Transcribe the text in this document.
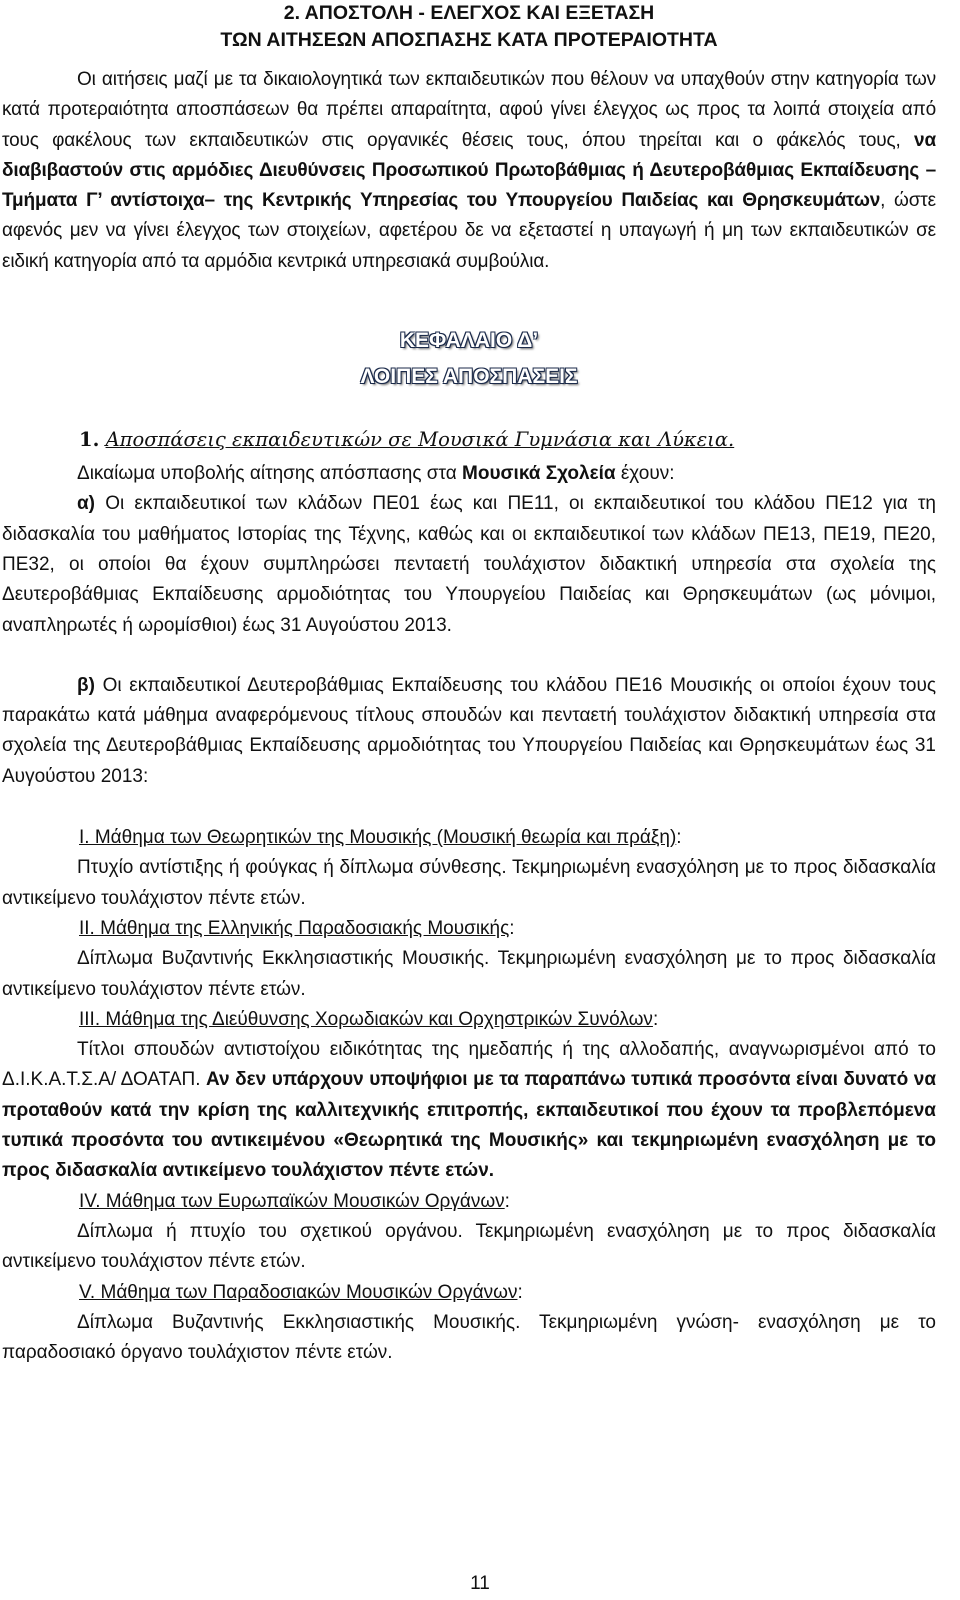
2. ΑΠΟΣΤΟΛΗ - ΕΛΕΓΧΟΣ ΚΑΙ ΕΞΕΤΑΣΗ
ΤΩΝ ΑΙΤΗΣΕΩΝ ΑΠΟΣΠΑΣΗΣ ΚΑΤΑ ΠΡΟΤΕΡΑΙΟΤΗΤΑ

Οι αιτήσεις μαζί με τα δικαιολογητικά των εκπαιδευτικών που θέλουν να υπαχθούν στην κατηγορία των κατά προτεραιότητα αποσπάσεων θα πρέπει απαραίτητα, αφού γίνει έλεγχος ως προς τα λοιπά στοιχεία από τους φακέλους των εκπαιδευτικών στις οργανικές θέσεις τους, όπου τηρείται και ο φάκελός τους, να διαβιβαστούν στις αρμόδιες Διευθύνσεις Προσωπικού Πρωτοβάθμιας ή Δευτεροβάθμιας Εκπαίδευσης –Τμήματα Γ’ αντίστοιχα– της Κεντρικής Υπηρεσίας του Υπουργείου Παιδείας και Θρησκευμάτων, ώστε αφενός μεν να γίνει έλεγχος των στοιχείων, αφετέρου δε να εξεταστεί η υπαγωγή ή μη των εκπαιδευτικών σε ειδική κατηγορία από τα αρμόδια κεντρικά υπηρεσιακά συμβούλια.

ΚΕΦΑΛΑΙΟ Δ’
ΛΟΙΠΕΣ ΑΠΟΣΠΑΣΕΙΣ
1. Αποσπάσεις εκπαιδευτικών σε Μουσικά Γυμνάσια και Λύκεια.

Δικαίωμα υποβολής αίτησης απόσπασης στα Μουσικά Σχολεία έχουν:

α) Οι εκπαιδευτικοί των κλάδων ΠΕ01 έως και ΠΕ11, οι εκπαιδευτικοί του κλάδου ΠΕ12 για τη διδασκαλία του μαθήματος Ιστορίας της Τέχνης, καθώς και οι εκπαιδευτικοί των κλάδων ΠΕ13, ΠΕ19, ΠΕ20, ΠΕ32, οι οποίοι θα έχουν συμπληρώσει πενταετή τουλάχιστον διδακτική υπηρεσία στα σχολεία της Δευτεροβάθμιας Εκπαίδευσης αρμοδιότητας του Υπουργείου Παιδείας και Θρησκευμάτων (ως μόνιμοι, αναπληρωτές ή ωρομίσθιοι) έως 31 Αυγούστου 2013.

β) Οι εκπαιδευτικοί Δευτεροβάθμιας Εκπαίδευσης του κλάδου ΠΕ16 Μουσικής οι οποίοι έχουν τους παρακάτω κατά μάθημα αναφερόμενους τίτλους σπουδών και πενταετή τουλάχιστον διδακτική υπηρεσία στα σχολεία της Δευτεροβάθμιας Εκπαίδευσης αρμοδιότητας του Υπουργείου Παιδείας και Θρησκευμάτων έως 31 Αυγούστου 2013:

Ι. Μάθημα των Θεωρητικών της Μουσικής (Μουσική θεωρία και πράξη):

Πτυχίο αντίστιξης ή φούγκας ή δίπλωμα σύνθεσης. Τεκμηριωμένη ενασχόληση με το προς διδασκαλία αντικείμενο τουλάχιστον πέντε ετών.

ΙΙ. Μάθημα της Ελληνικής Παραδοσιακής Μουσικής:

Δίπλωμα Βυζαντινής Εκκλησιαστικής Μουσικής. Τεκμηριωμένη ενασχόληση με το προς διδασκαλία αντικείμενο τουλάχιστον πέντε ετών.

ΙΙΙ. Μάθημα της Διεύθυνσης Χορωδιακών και Ορχηστρικών Συνόλων:

Τίτλοι σπουδών αντιστοίχου ειδικότητας της ημεδαπής ή της αλλοδαπής, αναγνωρισμένοι από το Δ.Ι.Κ.Α.Τ.Σ.Α/ ΔΟΑΤΑΠ. Αν δεν υπάρχουν υποψήφιοι με τα παραπάνω τυπικά προσόντα είναι δυνατό να προταθούν κατά την κρίση της καλλιτεχνικής επιτροπής, εκπαιδευτικοί που έχουν τα προβλεπόμενα τυπικά προσόντα του αντικειμένου «Θεωρητικά της Μουσικής» και τεκμηριωμένη ενασχόληση με το προς διδασκαλία αντικείμενο τουλάχιστον πέντε ετών.

ΙV. Μάθημα των Ευρωπαϊκών Μουσικών Οργάνων:

Δίπλωμα ή πτυχίο του σχετικού οργάνου. Τεκμηριωμένη ενασχόληση με το προς διδασκαλία αντικείμενο τουλάχιστον πέντε ετών.

V. Μάθημα των Παραδοσιακών Μουσικών Οργάνων:

Δίπλωμα Βυζαντινής Εκκλησιαστικής Μουσικής. Τεκμηριωμένη γνώση- ενασχόληση με το παραδοσιακό όργανο τουλάχιστον πέντε ετών.

11
